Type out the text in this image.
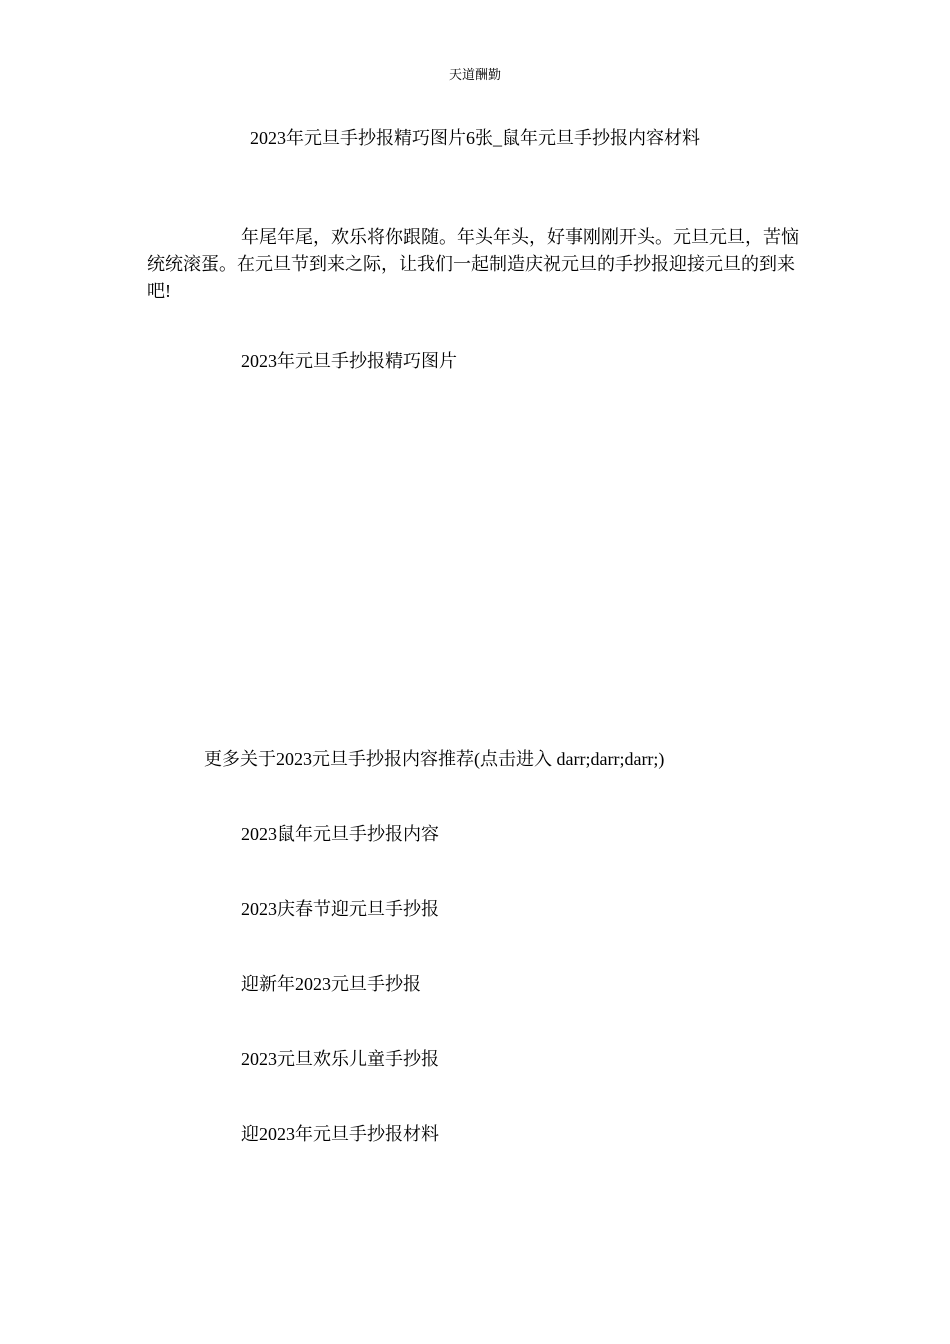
天道酬勤
2023年元旦手抄报精巧图片6张_鼠年元旦手抄报内容材料

年尾年尾，欢乐将你跟随。年头年头，好事刚刚开头。元旦元旦，苦恼统统滚蛋。在元旦节到来之际，让我们一起制造庆祝元旦的手抄报迎接元旦的到来吧!

2023年元旦手抄报精巧图片
更多关于2023元旦手抄报内容推荐(点击进入 darr;darr;darr;)
2023鼠年元旦手抄报内容
2023庆春节迎元旦手抄报
迎新年2023元旦手抄报
2023元旦欢乐儿童手抄报
迎2023年元旦手抄报材料
